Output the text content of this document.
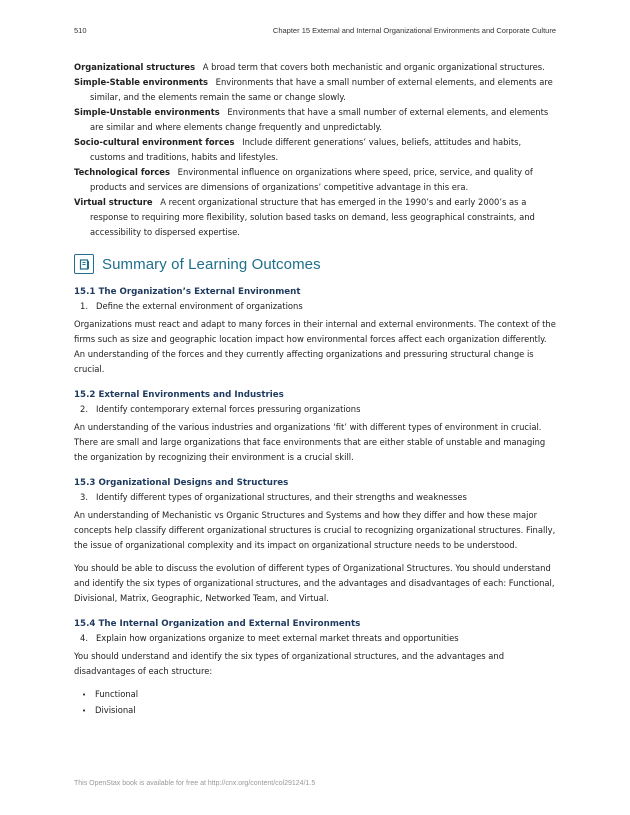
510	Chapter 15 External and Internal Organizational Environments and Corporate Culture

Organizational structures A broad term that covers both mechanistic and organic organizational structures.

Simple-Stable environments Environments that have a small number of external elements, and elements are similar, and the elements remain the same or change slowly.

Simple-Unstable environments Environments that have a small number of external elements, and elements are similar and where elements change frequently and unpredictably.

Socio-cultural environment forces Include different generations’ values, beliefs, attitudes and habits, customs and traditions, habits and lifestyles.

Technological forces Environmental influence on organizations where speed, price, service, and quality of products and services are dimensions of organizations’ competitive advantage in this era.

Virtual structure A recent organizational structure that has emerged in the 1990’s and early 2000’s as a response to requiring more flexibility, solution based tasks on demand, less geographical constraints, and accessibility to dispersed expertise.

Summary of Learning Outcomes

15.1 The Organization’s External Environment

1. Define the external environment of organizations

Organizations must react and adapt to many forces in their internal and external environments. The context of the firms such as size and geographic location impact how environmental forces affect each organization differently. An understanding of the forces and they currently affecting organizations and pressuring structural change is crucial.

15.2 External Environments and Industries

2. Identify contemporary external forces pressuring organizations

An understanding of the various industries and organizations ‘fit’ with different types of environment in crucial. There are small and large organizations that face environments that are either stable of unstable and managing the organization by recognizing their environment is a crucial skill.

15.3 Organizational Designs and Structures

3. Identify different types of organizational structures, and their strengths and weaknesses

An understanding of Mechanistic vs Organic Structures and Systems and how they differ and how these major concepts help classify different organizational structures is crucial to recognizing organizational structures. Finally, the issue of organizational complexity and its impact on organizational structure needs to be understood.

You should be able to discuss the evolution of different types of Organizational Structures. You should understand and identify the six types of organizational structures, and the advantages and disadvantages of each: Functional, Divisional, Matrix, Geographic, Networked Team, and Virtual.

15.4 The Internal Organization and External Environments

4. Explain how organizations organize to meet external market threats and opportunities

You should understand and identify the six types of organizational structures, and the advantages and disadvantages of each structure:

• Functional
• Divisional
This OpenStax book is available for free at http://cnx.org/content/col29124/1.5
